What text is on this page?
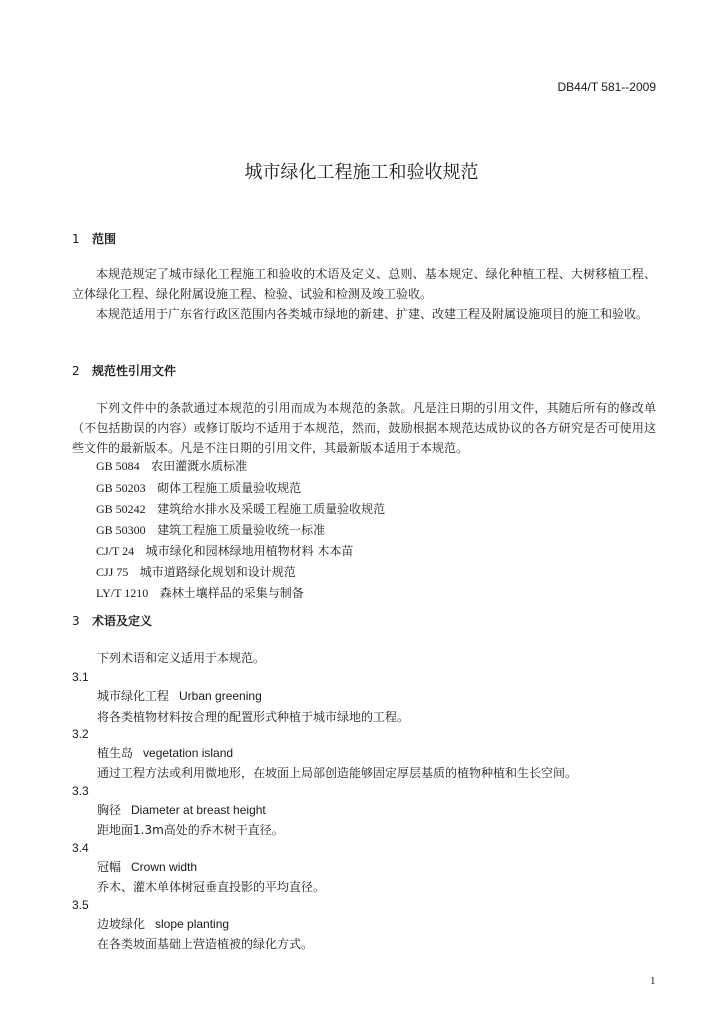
DB44/T 581--2009
城市绿化工程施工和验收规范
1 范围
本规范规定了城市绿化工程施工和验收的术语及定义、总则、基本规定、绿化种植工程、大树移植工程、立体绿化工程、绿化附属设施工程、检验、试验和检测及竣工验收。
本规范适用于广东省行政区范围内各类城市绿地的新建、扩建、改建工程及附属设施项目的施工和验收。
2 规范性引用文件
下列文件中的条款通过本规范的引用而成为本规范的条款。凡是注日期的引用文件，其随后所有的修改单（不包括勘误的内容）或修订版均不适用于本规范，然而，鼓励根据本规范达成协议的各方研究是否可使用这些文件的最新版本。凡是不注日期的引用文件，其最新版本适用于本规范。
GB 5084 农田灌溉水质标准
GB 50203 砌体工程施工质量验收规范
GB 50242 建筑给水排水及采暖工程施工质量验收规范
GB 50300 建筑工程施工质量验收统一标准
CJ/T 24 城市绿化和园林绿地用植物材料 木本苗
CJJ 75 城市道路绿化规划和设计规范
LY/T 1210 森林土壤样品的采集与制备
3 术语及定义
下列术语和定义适用于本规范。
3.1
城市绿化工程 Urban greening
将各类植物材料按合理的配置形式种植于城市绿地的工程。
3.2
植生岛 vegetation island
通过工程方法或利用微地形，在坡面上局部创造能够固定厚层基质的植物种植和生长空间。
3.3
胸径 Diameter at breast height
距地面1.3m高处的乔木树干直径。
3.4
冠幅 Crown width
乔木、灌木单体树冠垂直投影的平均直径。
3.5
边坡绿化 slope planting
在各类坡面基础上营造植被的绿化方式。
1
